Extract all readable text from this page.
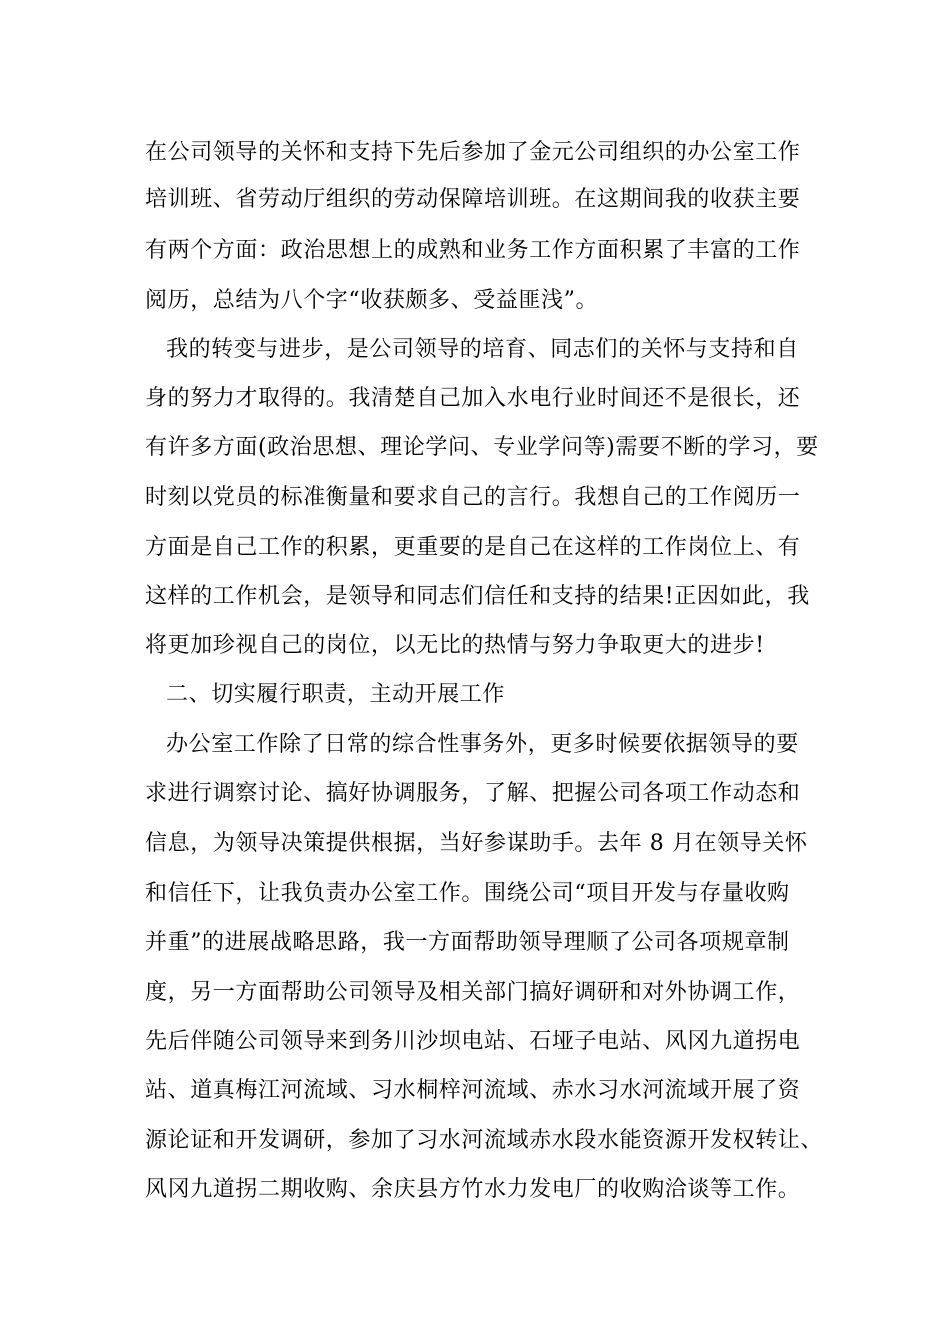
在公司领导的关怀和支持下先后参加了金元公司组织的办公室工作
培训班、省劳动厅组织的劳动保障培训班。在这期间我的收获主要
有两个方面：政治思想上的成熟和业务工作方面积累了丰富的工作
阅历，总结为八个字“收获颇多、受益匪浅”。
我的转变与进步，是公司领导的培育、同志们的关怀与支持和自
身的努力才取得的。我清楚自己加入水电行业时间还不是很长，还
有许多方面(政治思想、理论学问、专业学问等)需要不断的学习，要
时刻以党员的标准衡量和要求自己的言行。我想自己的工作阅历一
方面是自己工作的积累，更重要的是自己在这样的工作岗位上、有
这样的工作机会，是领导和同志们信任和支持的结果!正因如此，我
将更加珍视自己的岗位，以无比的热情与努力争取更大的进步!
二、切实履行职责，主动开展工作
办公室工作除了日常的综合性事务外，更多时候要依据领导的要
求进行调察讨论、搞好协调服务，了解、把握公司各项工作动态和
信息，为领导决策提供根据，当好参谋助手。去年 8 月在领导关怀
和信任下，让我负责办公室工作。围绕公司“项目开发与存量收购
并重”的进展战略思路，我一方面帮助领导理顺了公司各项规章制
度，另一方面帮助公司领导及相关部门搞好调研和对外协调工作，
先后伴随公司领导来到务川沙坝电站、石垭子电站、风冈九道拐电
站、道真梅江河流域、习水桐梓河流域、赤水习水河流域开展了资
源论证和开发调研，参加了习水河流域赤水段水能资源开发权转让、
风冈九道拐二期收购、余庆县方竹水力发电厂的收购洽谈等工作。
